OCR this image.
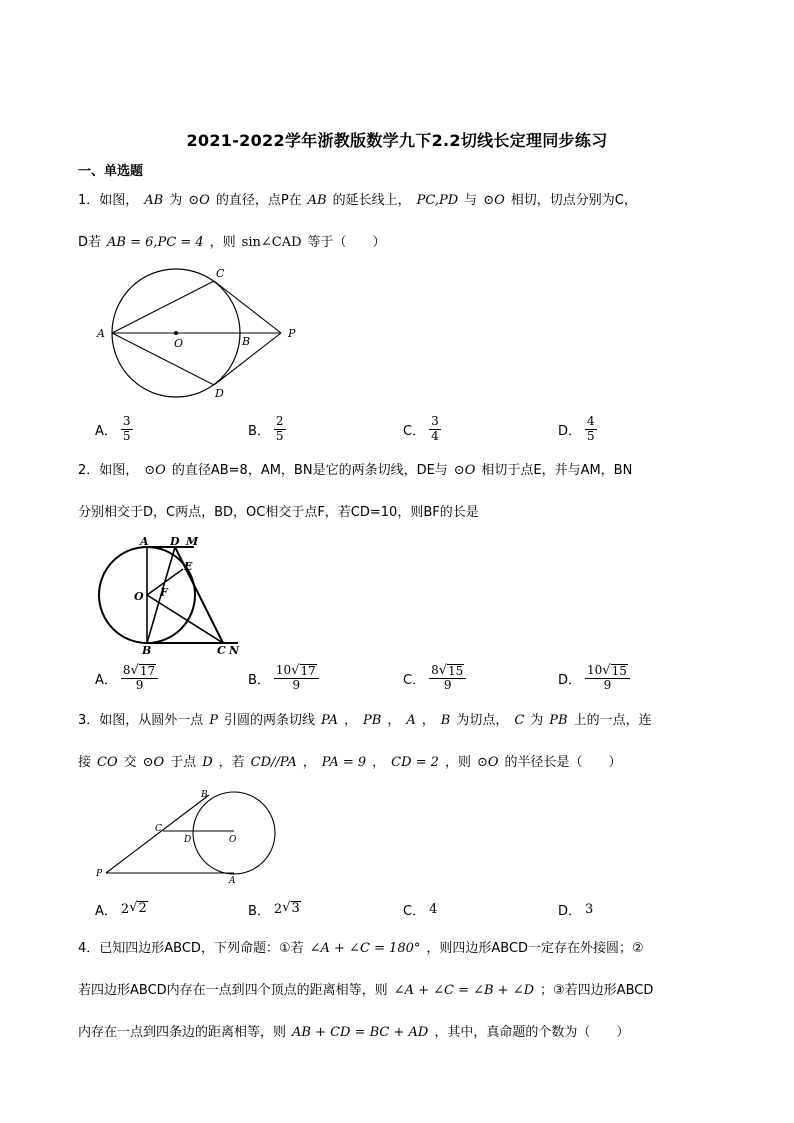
2021-2022学年浙教版数学九下2.2切线长定理同步练习
一、单选题
1．如图， AB 为 ⊙O 的直径，点P在 AB 的延长线上， PC,PD 与 ⊙O 相切，切点分别为C，
D若 AB = 6,PC = 4 ，则 sin∠CAD 等于（　　）
C
A
O	B
P
D
A． $\frac{3}{5}$	B． $\frac{2}{5}$	C． $\frac{3}{4}$	D． $\frac{4}{5}$
2．如图， ⊙O 的直径AB=8，AM，BN是它的两条切线，DE与 ⊙O 相切于点E，并与AM，BN
分别相交于D，C两点，BD，OC相交于点F，若CD=10，则BF的长是
A D M
E
O F
B	C N
A． $\frac{8 √ 17}{9}$	B． $\frac{10 √ 17}{9}$	C． $\frac{8 √ 15}{9}$	D． $\frac{10 √ 15}{9}$
3．如图，从圆外一点 P 引圆的两条切线 PA ， PB ， A ， B 为切点， C 为 PB 上的一点，连
接 CO 交 ⊙O 于点 D ，若 CD//PA ， PA = 9 ， CD = 2 ，则 ⊙O 的半径长是（　　）
B
C
D	O
P
A
A． 2 √ 2	B． 2 √ 3	C． 4	D． 3
4．已知四边形ABCD，下列命题：①若 ∠A + ∠C = 180° ，则四边形ABCD一定存在外接圆；②
若四边形ABCD内存在一点到四个顶点的距离相等，则 ∠A + ∠C = ∠B + ∠D ；③若四边形ABCD
内存在一点到四条边的距离相等，则 AB + CD = BC + AD ，其中，真命题的个数为（　　）
